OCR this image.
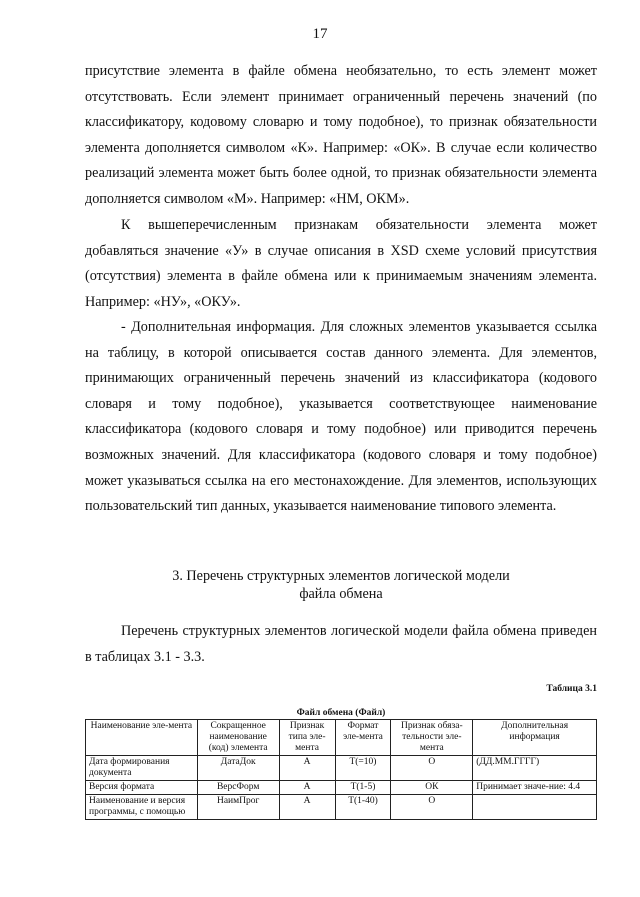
17

присутствие элемента в файле обмена необязательно, то есть элемент может отсутствовать. Если элемент принимает ограниченный перечень значений (по классификатору, кодовому словарю и тому подобное), то признак обязательности элемента дополняется символом «К». Например: «ОК». В случае если количество реализаций элемента может быть более одной, то признак обязательности элемента дополняется символом «М». Например: «НМ, ОКМ».

К вышеперечисленным признакам обязательности элемента может добавляться значение «У» в случае описания в XSD схеме условий присутствия (отсутствия) элемента в файле обмена или к принимаемым значениям элемента. Например: «НУ», «ОКУ».

- Дополнительная информация. Для сложных элементов указывается ссылка на таблицу, в которой описывается состав данного элемента. Для элементов, принимающих ограниченный перечень значений из классификатора (кодового словаря и тому подобное), указывается соответствующее наименование классификатора (кодового словаря и тому подобное) или приводится перечень возможных значений. Для классификатора (кодового словаря и тому подобное) может указываться ссылка на его местонахождение. Для элементов, использующих пользовательский тип данных, указывается наименование типового элемента.

3. Перечень структурных элементов логической модели
файла обмена

Перечень структурных элементов логической модели файла обмена приведен в таблицах 3.1 - 3.3.

Таблица 3.1
Файл обмена (Файл)
Наименование эле-мента	Сокращенное наименование (код) элемента	Признак типа эле-мента	Формат эле-мента	Признак обяза-тельности эле-мента	Дополнительная информация
Дата формирования документа	ДатаДок	А	Т(=10)	О	(ДД.ММ.ГГГГ)
Версия формата	ВерсФорм	А	Т(1-5)	ОК	Принимает значе-ние: 4.4

Наименование и версия программы, с помощью	НаимПрог	А	Т(1-40)	О	
